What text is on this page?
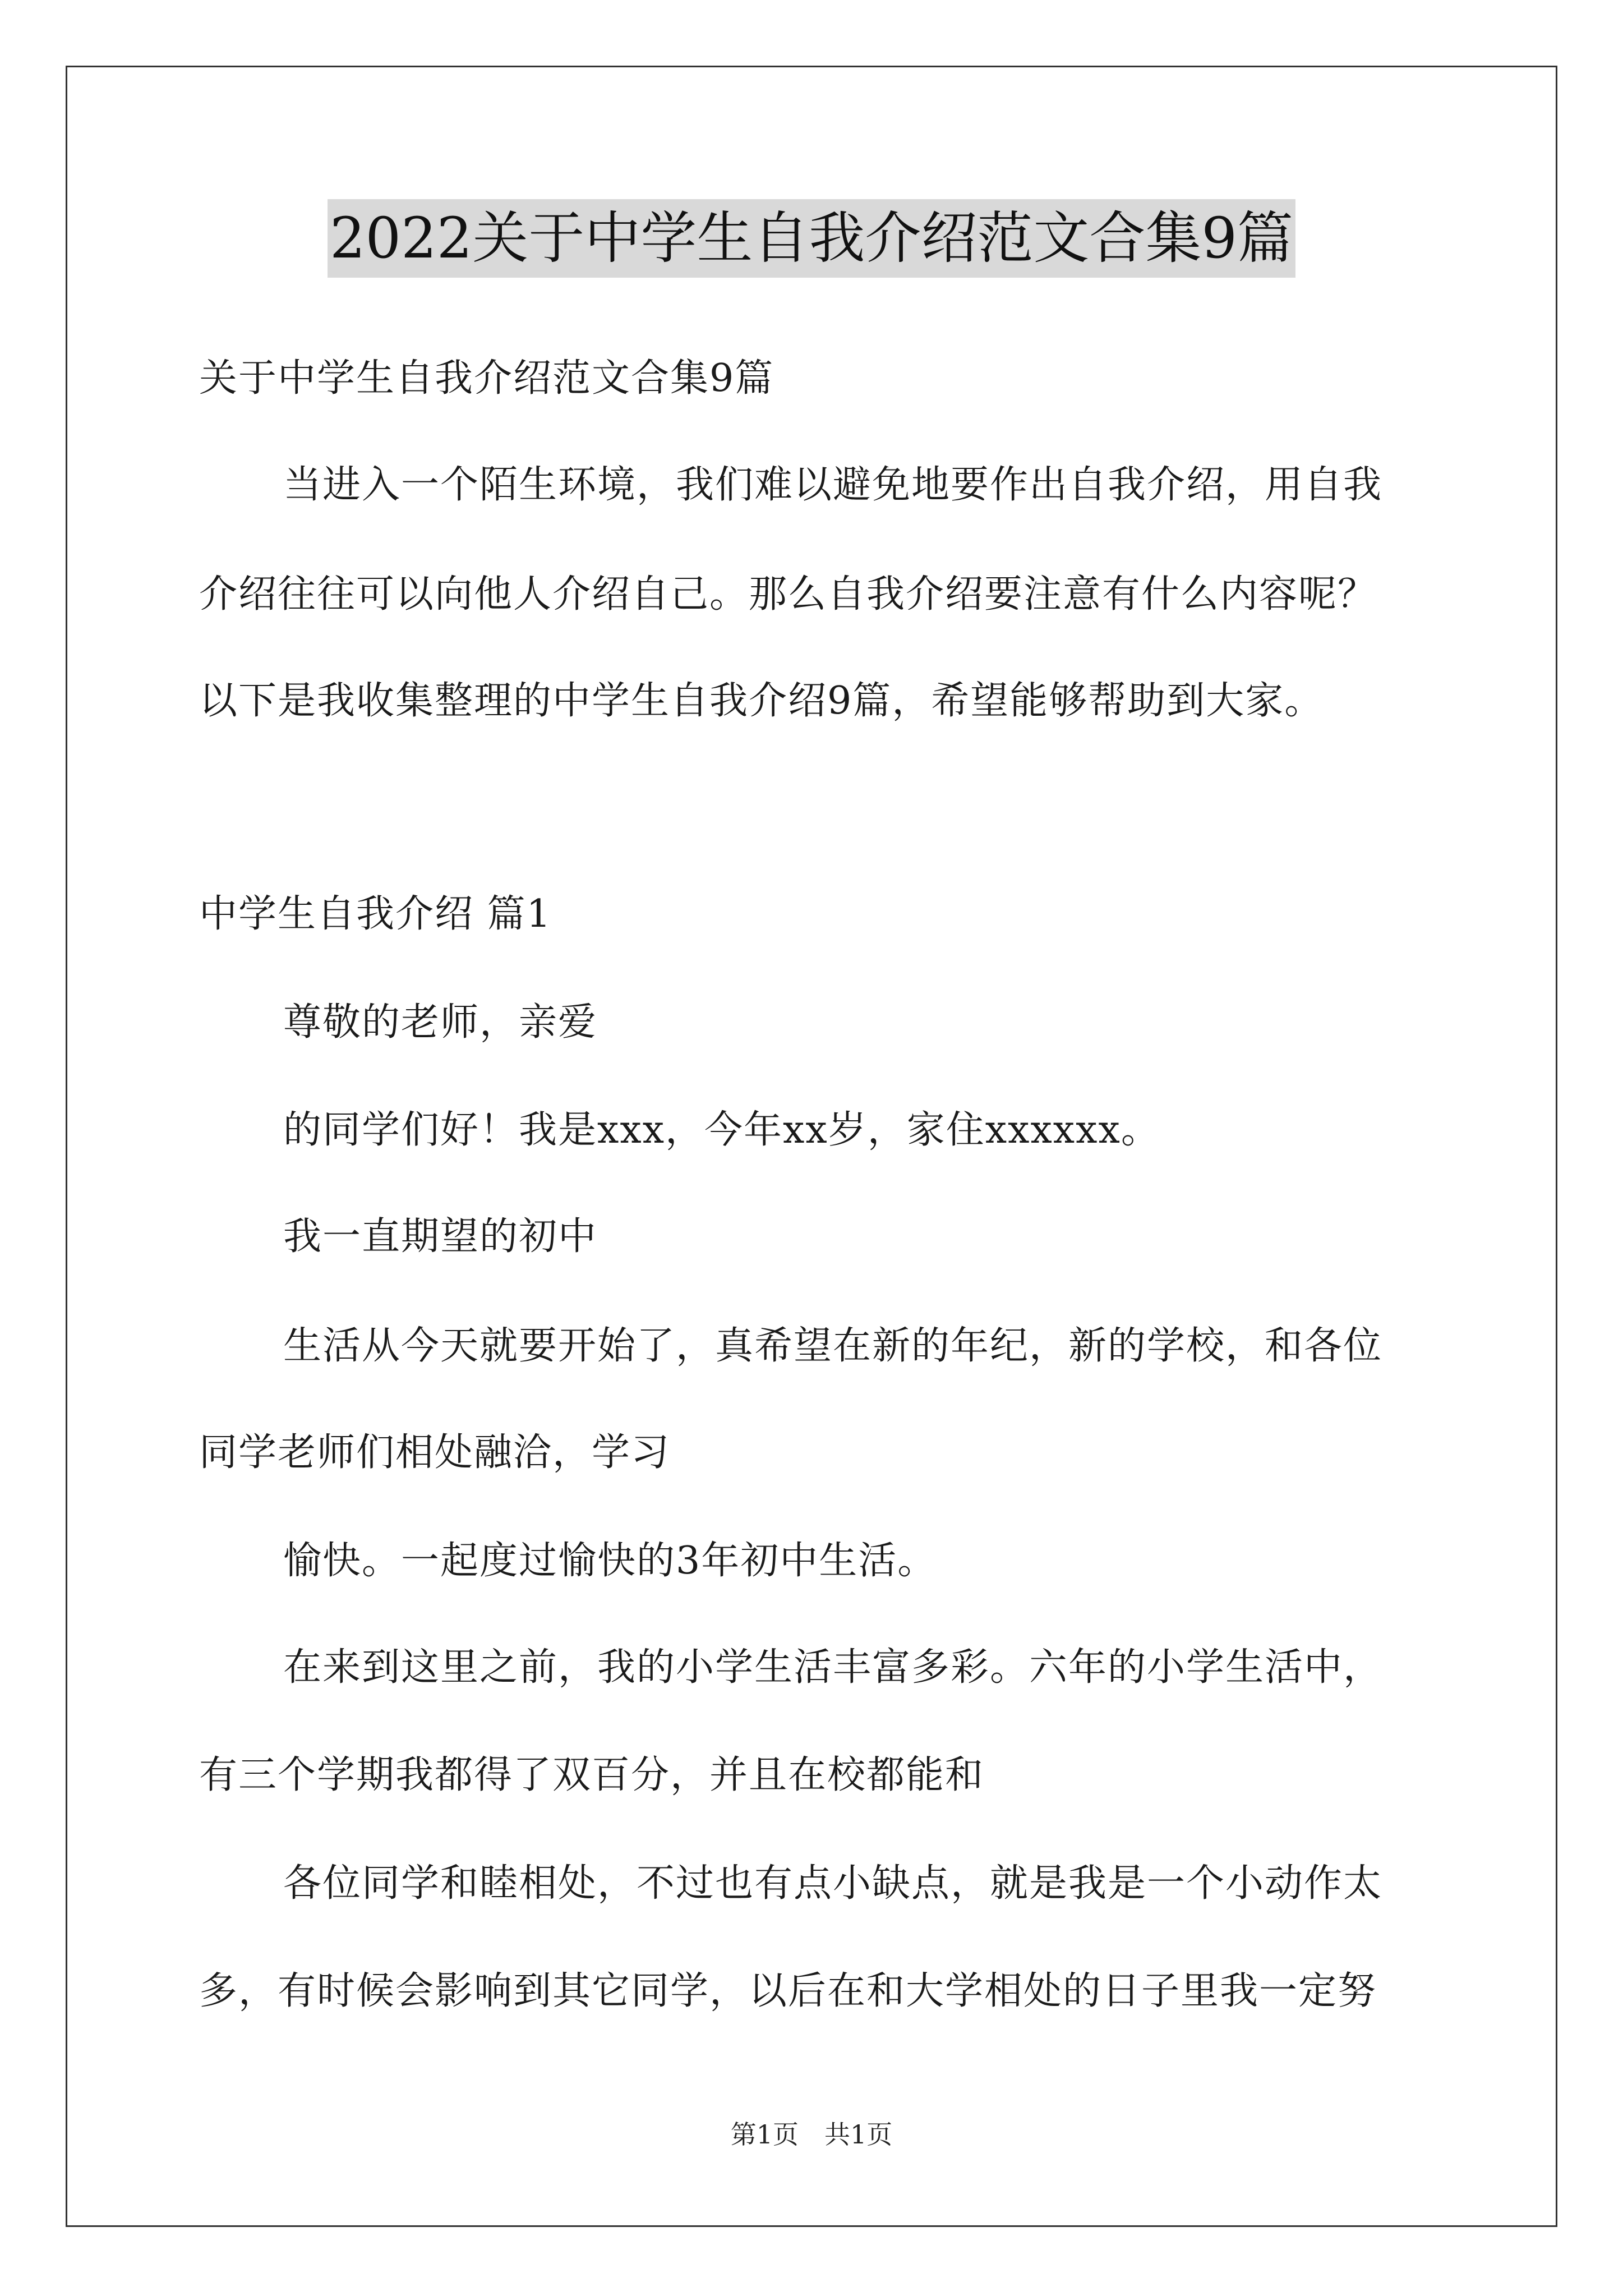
2022关于中学生自我介绍范文合集9篇
关于中学生自我介绍范文合集9篇
当进入一个陌生环境，我们难以避免地要作出自我介绍，用自我
介绍往往可以向他人介绍自己。那么自我介绍要注意有什么内容呢？
以下是我收集整理的中学生自我介绍9篇，希望能够帮助到大家。
中学生自我介绍 篇1
尊敬的老师，亲爱
的同学们好！我是xxx，今年xx岁，家住xxxxxx。
我一直期望的初中
生活从今天就要开始了，真希望在新的年纪，新的学校，和各位
同学老师们相处融洽，学习
愉快。一起度过愉快的3年初中生活。
在来到这里之前，我的小学生活丰富多彩。六年的小学生活中，
有三个学期我都得了双百分，并且在校都能和
各位同学和睦相处，不过也有点小缺点，就是我是一个小动作太
多，有时候会影响到其它同学，以后在和大学相处的日子里我一定努
第1页　共1页
